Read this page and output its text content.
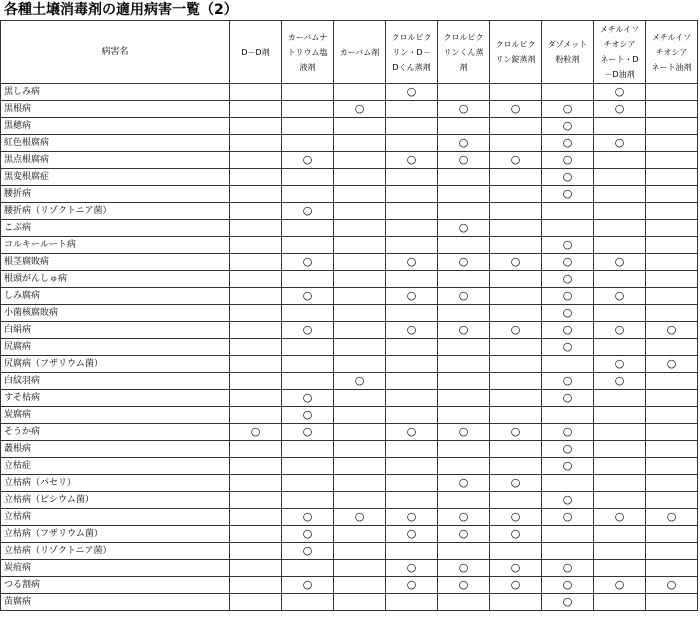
各種土壌消毒剤の適用病害一覧（2）
病害名	D－D剤	カーバムナ
トリウム塩
液剤	カーバム剤	クロルピク
リン・D－
Dくん蒸剤	クロルピク
リンくん蒸
剤	クロルピク
リン錠蒸剤	ダゾメット
粉粒剤	メチルイソ
チオシア
ネート・D
－D油剤	メチルイソ
チオシア
ネート油剤

黒しみ病				○				○	
黒根病			○		○	○	○	○	
黒穂病							○		
紅色根腐病					○		○	○	
黒点根腐病		○		○	○	○	○		
黒変根腐症							○		
腰折病							○		
腰折病（リゾクトニア菌）		○							
こぶ病					○				
コルキールート病							○		
根茎腐敗病		○		○	○	○	○	○	
根頭がんしゅ病							○		
しみ腐病		○		○	○		○	○	
小菌核腐敗病							○		
白絹病		○		○	○	○	○	○	○
尻腐病							○		
尻腐病（フザリウム菌）								○	○
白紋羽病			○				○	○	
すそ枯病		○					○		
炭腐病		○							
そうか病	○	○		○	○	○	○		
叢根病							○		
立枯症							○		
立枯病（パセリ）					○	○			
立枯病（ピシウム菌）							○		
立枯病		○	○	○	○	○	○	○	○
立枯病（フザリウム菌）		○		○	○	○			
立枯病（リゾクトニア菌）		○							
炭疽病				○	○	○	○		
つる割病		○		○	○	○	○	○	○
苗腐病							○		
